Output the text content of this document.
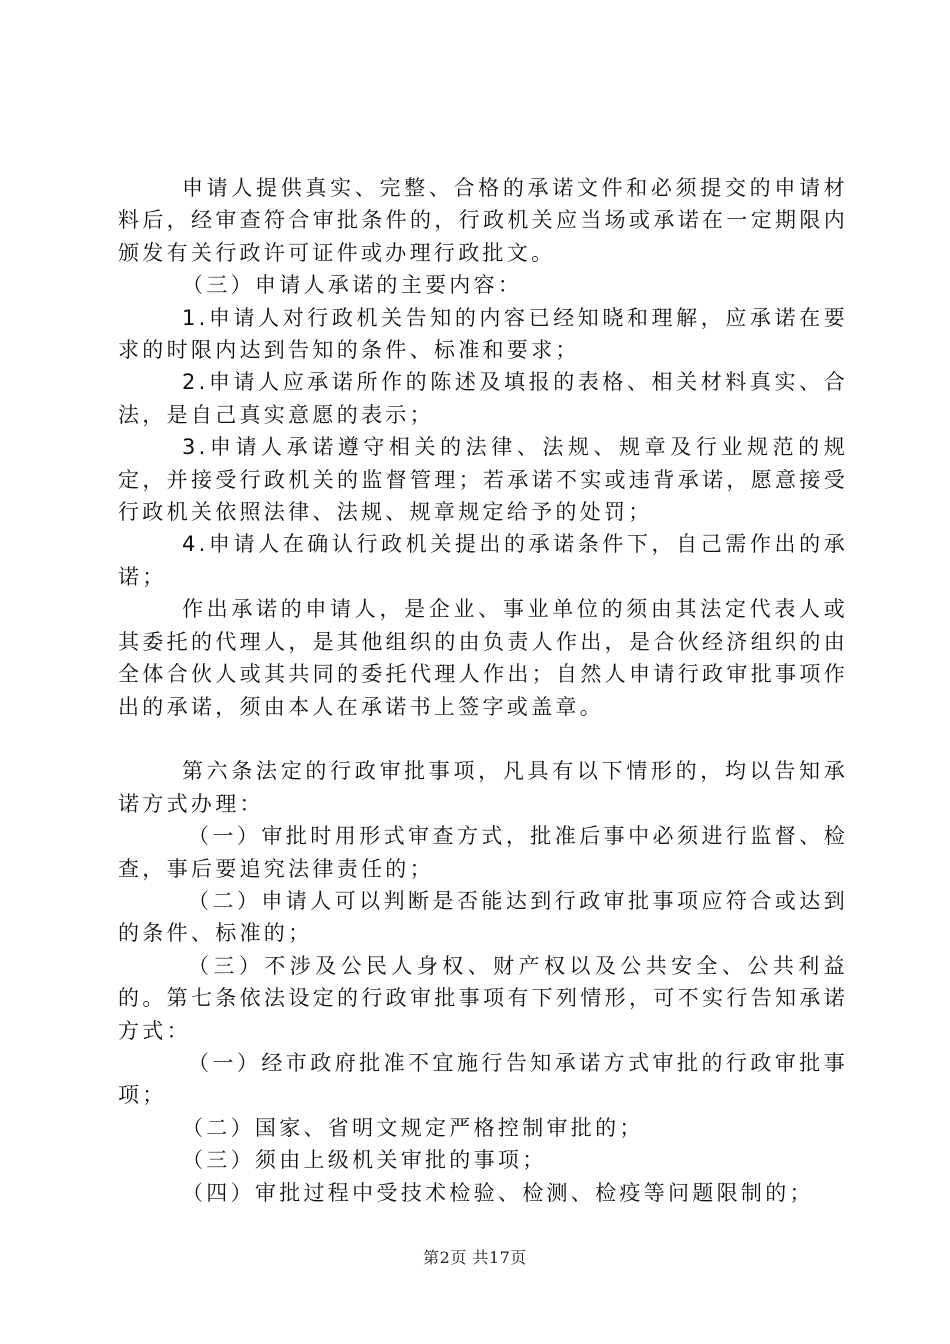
申请人提供真实、完整、合格的承诺文件和必须提交的申请材料后，经审查符合审批条件的，行政机关应当场或承诺在一定期限内颁发有关行政许可证件或办理行政批文。

（三）申请人承诺的主要内容：

1.申请人对行政机关告知的内容已经知晓和理解，应承诺在要求的时限内达到告知的条件、标准和要求；

2.申请人应承诺所作的陈述及填报的表格、相关材料真实、合法，是自己真实意愿的表示；

3.申请人承诺遵守相关的法律、法规、规章及行业规范的规定，并接受行政机关的监督管理；若承诺不实或违背承诺，愿意接受行政机关依照法律、法规、规章规定给予的处罚；

4.申请人在确认行政机关提出的承诺条件下，自己需作出的承诺；

作出承诺的申请人，是企业、事业单位的须由其法定代表人或其委托的代理人，是其他组织的由负责人作出，是合伙经济组织的由全体合伙人或其共同的委托代理人作出；自然人申请行政审批事项作出的承诺，须由本人在承诺书上签字或盖章。

第六条法定的行政审批事项，凡具有以下情形的，均以告知承诺方式办理：

（一）审批时用形式审查方式，批准后事中必须进行监督、检查，事后要追究法律责任的；

（二）申请人可以判断是否能达到行政审批事项应符合或达到的条件、标准的；

（三）不涉及公民人身权、财产权以及公共安全、公共利益的。第七条依法设定的行政审批事项有下列情形，可不实行告知承诺方式：

（一）经市政府批准不宜施行告知承诺方式审批的行政审批事项；

（二）国家、省明文规定严格控制审批的；

（三）须由上级机关审批的事项；

（四）审批过程中受技术检验、检测、检疫等问题限制的；

第2页 共17页
